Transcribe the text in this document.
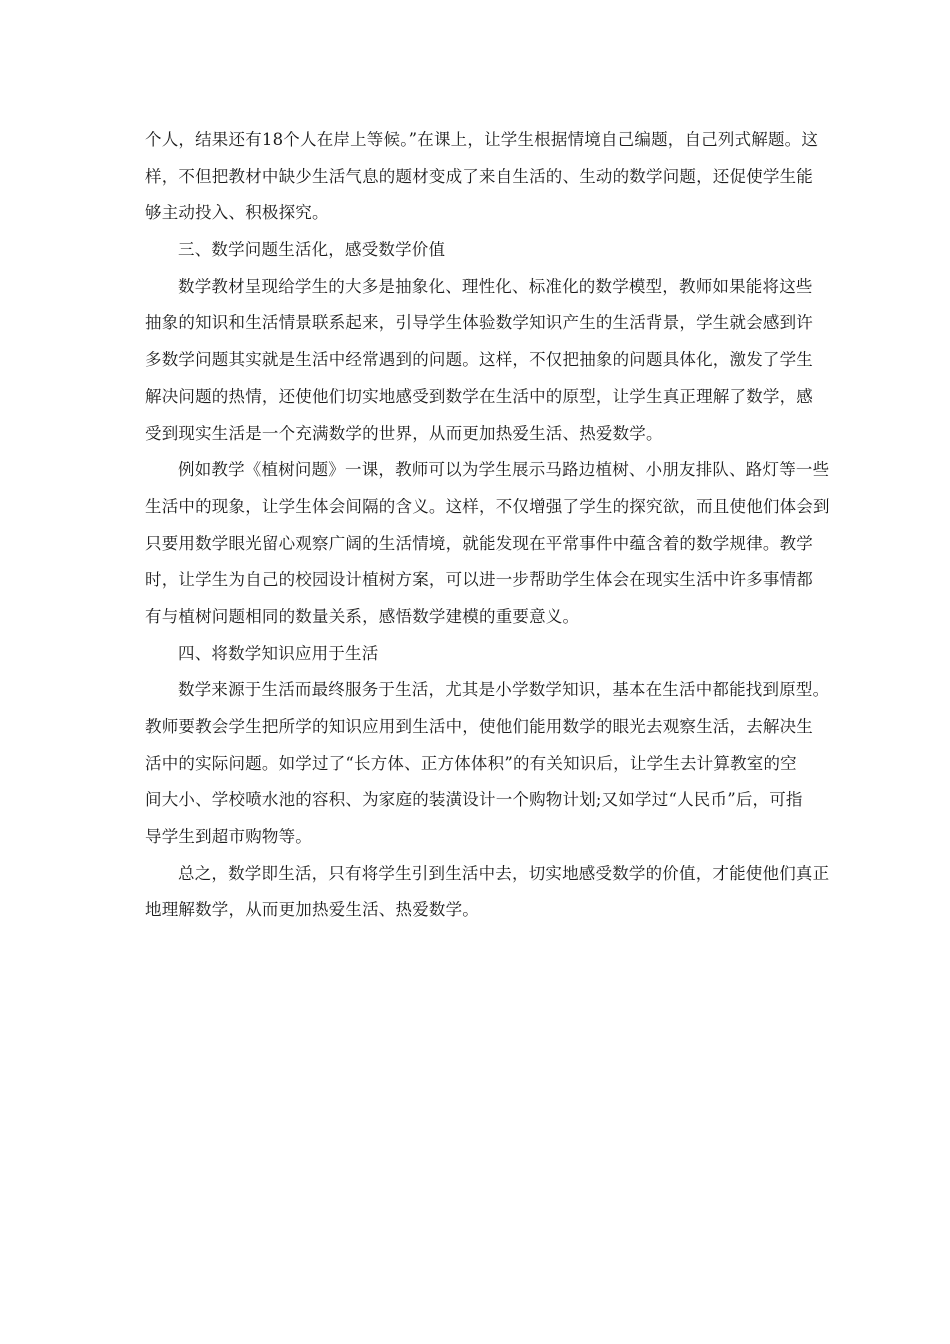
个人，结果还有18个人在岸上等候。”在课上，让学生根据情境自己编题，自己列式解题。这
样，不但把教材中缺少生活气息的题材变成了来自生活的、生动的数学问题，还促使学生能
够主动投入、积极探究。
三、数学问题生活化，感受数学价值
数学教材呈现给学生的大多是抽象化、理性化、标准化的数学模型，教师如果能将这些
抽象的知识和生活情景联系起来，引导学生体验数学知识产生的生活背景，学生就会感到许
多数学问题其实就是生活中经常遇到的问题。这样，不仅把抽象的问题具体化，激发了学生
解决问题的热情，还使他们切实地感受到数学在生活中的原型，让学生真正理解了数学，感
受到现实生活是一个充满数学的世界，从而更加热爱生活、热爱数学。
例如教学《植树问题》一课，教师可以为学生展示马路边植树、小朋友排队、路灯等一些
生活中的现象，让学生体会间隔的含义。这样，不仅增强了学生的探究欲，而且使他们体会到
只要用数学眼光留心观察广阔的生活情境，就能发现在平常事件中蕴含着的数学规律。教学
时，让学生为自己的校园设计植树方案，可以进一步帮助学生体会在现实生活中许多事情都
有与植树问题相同的数量关系，感悟数学建模的重要意义。
四、将数学知识应用于生活
数学来源于生活而最终服务于生活，尤其是小学数学知识，基本在生活中都能找到原型。
教师要教会学生把所学的知识应用到生活中，使他们能用数学的眼光去观察生活，去解决生
活中的实际问题。如学过了“长方体、正方体体积”的有关知识后，让学生去计算教室的空
间大小、学校喷水池的容积、为家庭的装潢设计一个购物计划;又如学过“人民币”后，可指
导学生到超市购物等。
总之，数学即生活，只有将学生引到生活中去，切实地感受数学的价值，才能使他们真正
地理解数学，从而更加热爱生活、热爱数学。
